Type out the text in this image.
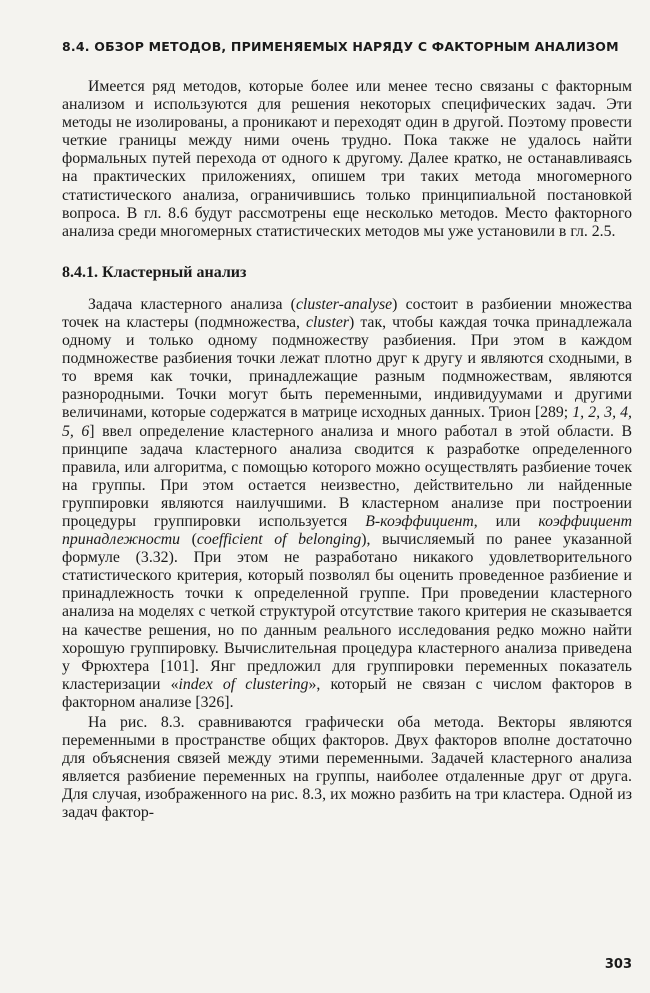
8.4. ОБЗОР МЕТОДОВ, ПРИМЕНЯЕМЫХ НАРЯДУ С ФАКТОРНЫМ АНАЛИЗОМ

Имеется ряд методов, которые более или менее тесно связаны с факторным анализом и используются для решения некоторых специфических задач. Эти методы не изолированы, а проникают и переходят один в другой. Поэтому провести четкие границы между ними очень трудно. Пока также не удалось найти формальных путей перехода от одного к другому. Далее кратко, не останавливаясь на практических приложениях, опишем три таких метода многомерного статистического анализа, ограничившись только принципиальной постановкой вопроса. В гл. 8.6 будут рассмотрены еще несколько методов. Место факторного анализа среди многомерных статистических методов мы уже установили в гл. 2.5.

8.4.1. Кластерный анализ

Задача кластерного анализа (cluster-analyse) состоит в разбиении множества точек на кластеры (подмножества, cluster) так, чтобы каждая точка принадлежала одному и только одному подмножеству разбиения. При этом в каждом подмножестве разбиения точки лежат плотно друг к другу и являются сходными, в то время как точки, принадлежащие разным подмножествам, являются разнородными. Точки могут быть переменными, индивидуумами и другими величинами, которые содержатся в матрице исходных данных. Трион [289; 1, 2, 3, 4, 5, 6] ввел определение кластерного анализа и много работал в этой области. В принципе задача кластерного анализа сводится к разработке определенного правила, или алгоритма, с помощью которого можно осуществлять разбиение точек на группы. При этом остается неизвестно, действительно ли найденные группировки являются наилучшими. В кластерном анализе при построении процедуры группировки используется B-коэффициент, или коэффициент принадлежности (coefficient of belonging), вычисляемый по ранее указанной формуле (3.32). При этом не разработано никакого удовлетворительного статистического критерия, который позволял бы оценить проведенное разбиение и принадлежность точки к определенной группе. При проведении кластерного анализа на моделях с четкой структурой отсутствие такого критерия не сказывается на качестве решения, но по данным реального исследования редко можно найти хорошую группировку. Вычислительная процедура кластерного анализа приведена у Фрюхтера [101]. Янг предложил для группировки переменных показатель кластеризации «index of clustering», который не связан с числом факторов в факторном анализе [326].

На рис. 8.3. сравниваются графически оба метода. Векторы являются переменными в пространстве общих факторов. Двух факторов вполне достаточно для объяснения связей между этими переменными. Задачей кластерного анализа является разбиение переменных на группы, наиболее отдаленные друг от друга. Для случая, изображенного на рис. 8.3, их можно разбить на три кластера. Одной из задач фактор-

303
